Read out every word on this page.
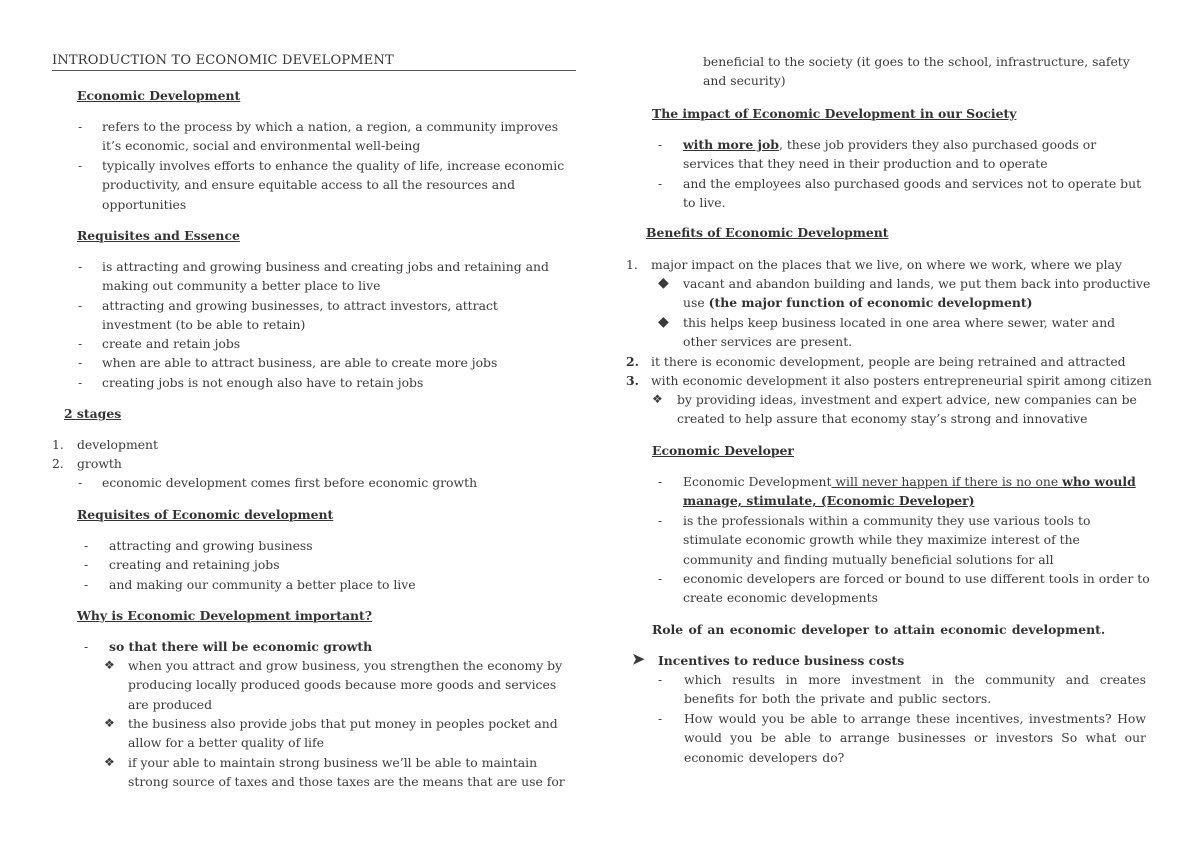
INTRODUCTION TO ECONOMIC DEVELOPMENT
Economic Development
- refers to the process by which a nation, a region, a community improves it’s economic, social and environmental well-being
- typically involves efforts to enhance the quality of life, increase economic productivity, and ensure equitable access to all the resources and opportunities
Requisites and Essence
- is attracting and growing business and creating jobs and retaining and making out community a better place to live
- attracting and growing businesses, to attract investors, attract investment (to be able to retain)
- create and retain jobs
- when are able to attract business, are able to create more jobs
- creating jobs is not enough also have to retain jobs
2 stages
1. development
2. growth
- economic development comes first before economic growth
Requisites of Economic development
- attracting and growing business
- creating and retaining jobs
- and making our community a better place to live
Why is Economic Development important?
- so that there will be economic growth
❖ when you attract and grow business, you strengthen the economy by producing locally produced goods because more goods and services are produced
❖ the business also provide jobs that put money in peoples pocket and allow for a better quality of life
❖ if your able to maintain strong business we’ll be able to maintain strong source of taxes and those taxes are the means that are use for
beneficial to the society (it goes to the school, infrastructure, safety and security)
The impact of Economic Development in our Society
- with more job, these job providers they also purchased goods or services that they need in their production and to operate
- and the employees also purchased goods and services not to operate but to live.
Benefits of Economic Development
1. major impact on the places that we live, on where we work, where we play
◆ vacant and abandon building and lands, we put them back into productive use (the major function of economic development)
◆ this helps keep business located in one area where sewer, water and other services are present.
2. it there is economic development, people are being retrained and attracted
3. with economic development it also posters entrepreneurial spirit among citizen
❖ by providing ideas, investment and expert advice, new companies can be created to help assure that economy stay’s strong and innovative
Economic Developer
- Economic Development will never happen if there is no one who would
manage, stimulate, (Economic Developer)
- is the professionals within a community they use various tools to stimulate economic growth while they maximize interest of the community and finding mutually beneficial solutions for all
- economic developers are forced or bound to use different tools in order to create economic developments
Role of an economic developer to attain economic development.
➤ Incentives to reduce business costs
- which results in more investment in the community and creates benefits for both the private and public sectors.
- How would you be able to arrange these incentives, investments? How would you be able to arrange businesses or investors So what our economic developers do?
